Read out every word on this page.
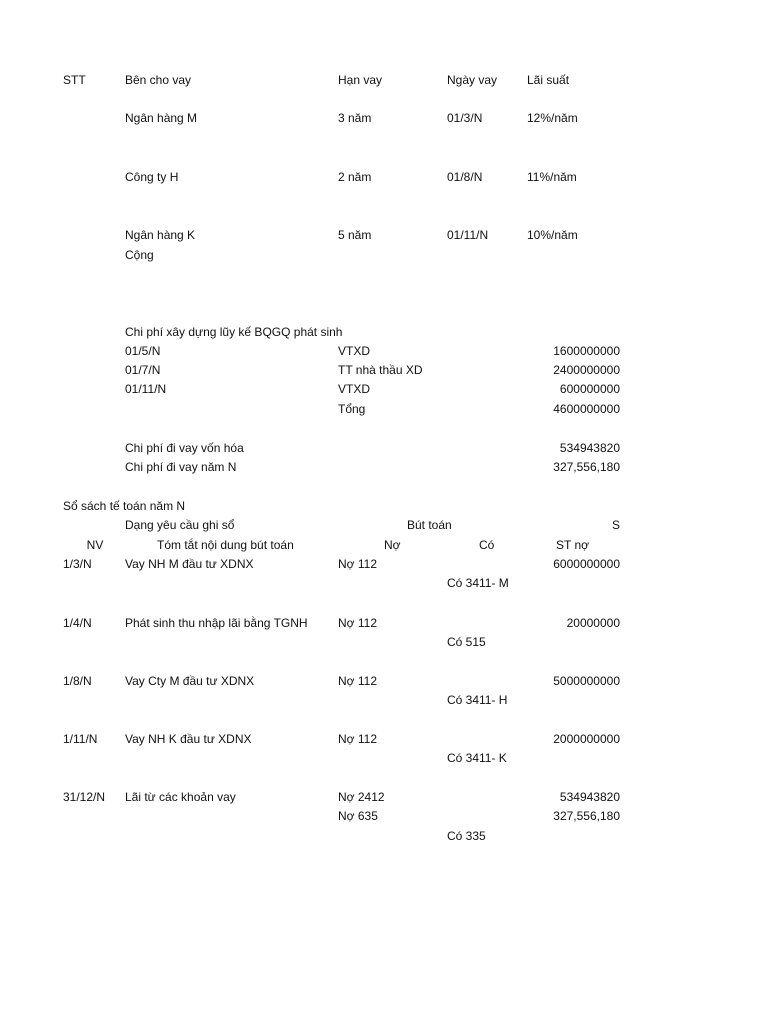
STT	Bên cho vay	Hạn vay	Ngày vay Lãi suất
Ngân hàng M	3 năm	01/3/N	12%/năm
Công ty H	2 năm	01/8/N	11%/năm
Ngân hàng K	5 năm	01/11/N	10%/năm
Cộng
Chi phí xây dựng lũy kế BQGQ phát sinh
01/5/N	VTXD	1600000000
01/7/N	TT nhà thầu XD	2400000000
01/11/N	VTXD	600000000
Tổng	4600000000
Chi phí đi vay vốn hóa	534943820
Chi phí đi vay năm N	327,556,180
Sổ sách tế toán năm N
Dạng yêu cầu ghi sổ	Bút toán	S
NV	Tóm tắt nội dung bút toán	Nợ	Có	ST nợ
1/3/N	Vay NH M đầu tư XDNX	Nợ 112	6000000000
Có 3411- M
1/4/N	Phát sinh thu nhập lãi bằng TGNH	Nợ 112	20000000
Có 515
1/8/N	Vay Cty M đầu tư XDNX	Nợ 112	5000000000
Có 3411- H
1/11/N Vay NH K đầu tư XDNX	Nợ 112	2000000000
Có 3411- K
31/12/N Lãi từ các khoản vay	Nợ 2412	534943820
Nợ 635	327,556,180
Có 335
